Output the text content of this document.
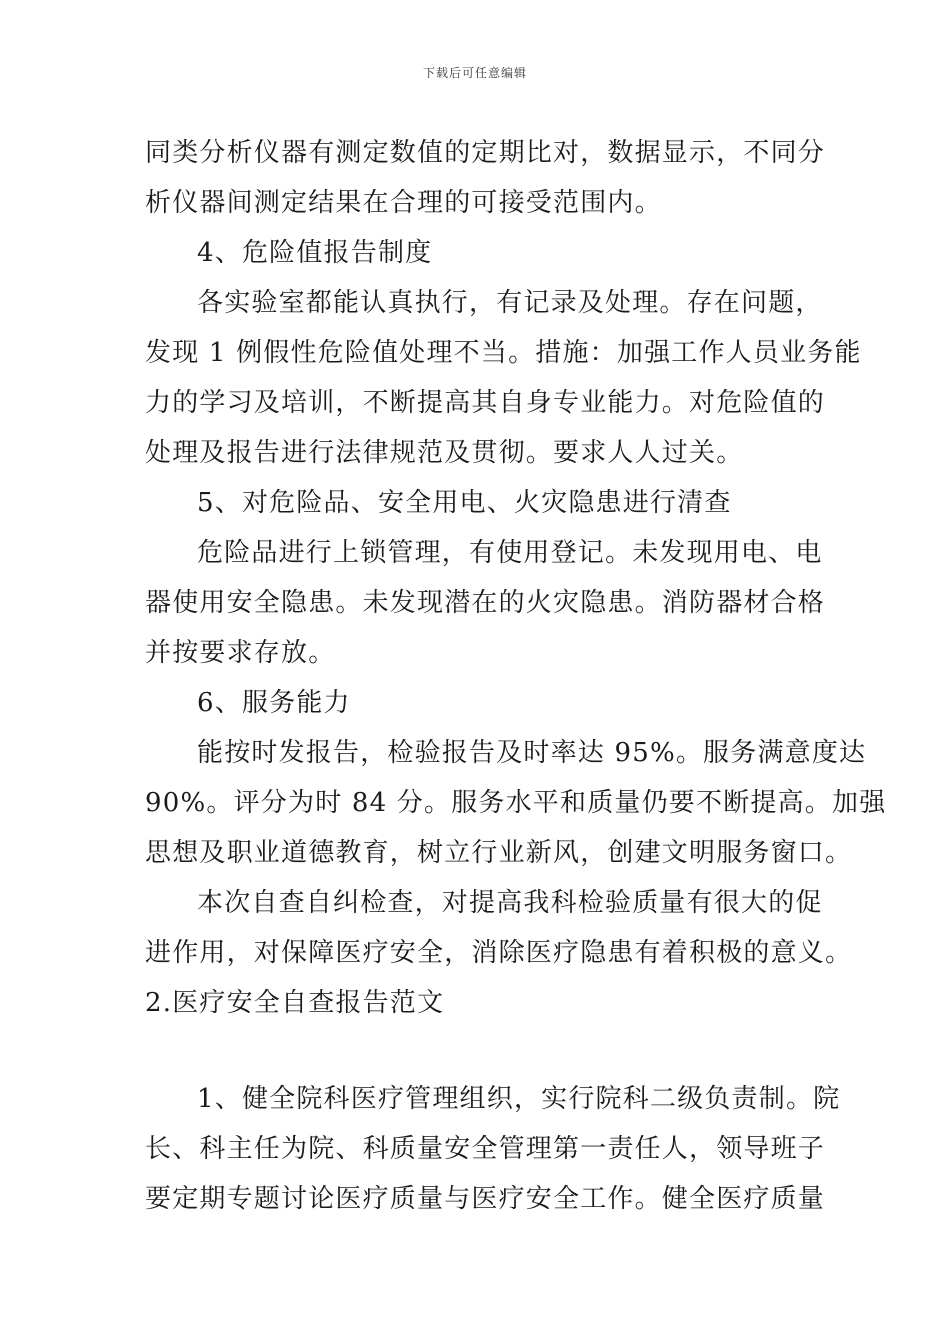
下载后可任意编辑
同类分析仪器有测定数值的定期比对，数据显示，不同分
析仪器间测定结果在合理的可接受范围内。
4、危险值报告制度
各实验室都能认真执行，有记录及处理。存在问题，
发现 1 例假性危险值处理不当。措施：加强工作人员业务能
力的学习及培训，不断提高其自身专业能力。对危险值的
处理及报告进行法律规范及贯彻。要求人人过关。
5、对危险品、安全用电、火灾隐患进行清查
危险品进行上锁管理，有使用登记。未发现用电、电
器使用安全隐患。未发现潜在的火灾隐患。消防器材合格
并按要求存放。
6、服务能力
能按时发报告，检验报告及时率达 95%。服务满意度达
90%。评分为时 84 分。服务水平和质量仍要不断提高。加强
思想及职业道德教育，树立行业新风，创建文明服务窗口。
本次自查自纠检查，对提高我科检验质量有很大的促
进作用，对保障医疗安全，消除医疗隐患有着积极的意义。
2.医疗安全自查报告范文
1、健全院科医疗管理组织，实行院科二级负责制。院
长、科主任为院、科质量安全管理第一责任人，领导班子
要定期专题讨论医疗质量与医疗安全工作。健全医疗质量
